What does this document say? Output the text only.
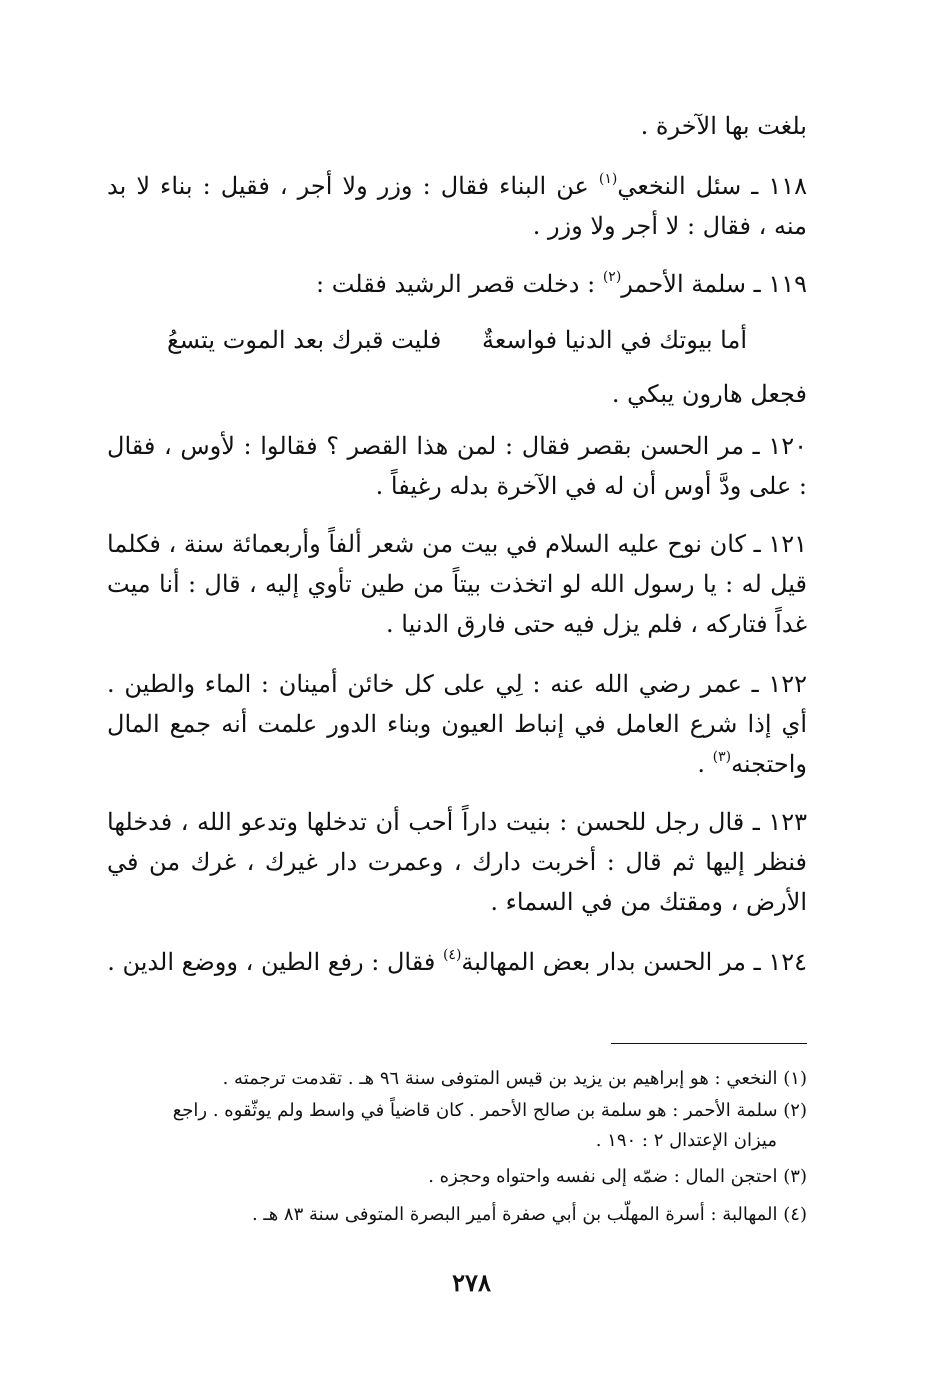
بلغت بها الآخرة .
١١٨ ـ سئل النخعي$^{(١)}$ عن البناء فقال : وزر ولا أجر ، فقيل : بناء لا بد منه ، فقال : لا أجر ولا وزر .
١١٩ ـ سلمة الأحمر$^{(٢)}$ : دخلت قصر الرشيد فقلت :
أما بيوتك في الدنيا فواسعةٌ
فليت قبرك بعد الموت يتسعُ
فجعل هارون يبكي .
١٢٠ ـ مر الحسن بقصر فقال : لمن هذا القصر ؟ فقالوا : لأوس ، فقال : على ودَّ أوس أن له في الآخرة بدله رغيفاً .
١٢١ ـ كان نوح عليه السلام في بيت من شعر ألفاً وأربعمائة سنة ، فكلما قيل له : يا رسول الله لو اتخذت بيتاً من طين تأوي إليه ، قال : أنا ميت غداً فتاركه ، فلم يزل فيه حتى فارق الدنيا .
١٢٢ ـ عمر رضي الله عنه : لِي على كل خائن أمينان : الماء والطين . أي إذا شرع العامل في إنباط العيون وبناء الدور علمت أنه جمع المال واحتجنه$^{(٣)}$ .
١٢٣ ـ قال رجل للحسن : بنيت داراً أحب أن تدخلها وتدعو الله ، فدخلها فنظر إليها ثم قال : أخربت دارك ، وعمرت دار غيرك ، غرك من في الأرض ، ومقتك من في السماء .
١٢٤ ـ مر الحسن بدار بعض المهالبة$^{(٤)}$ فقال : رفع الطين ، ووضع الدين .
(١) النخعي : هو إبراهيم بن يزيد بن قيس المتوفى سنة ٩٦ هـ . تقدمت ترجمته .
(٢) سلمة الأحمر : هو سلمة بن صالح الأحمر . كان قاضياً في واسط ولم يوثّقوه . راجع
ميزان الإعتدال ٢ : ١٩٠ .
(٣) احتجن المال : ضمّه إلى نفسه واحتواه وحجزه .
(٤) المهالبة : أسرة المهلّب بن أبي صفرة أمير البصرة المتوفى سنة ٨٣ هـ .
٢٧٨
